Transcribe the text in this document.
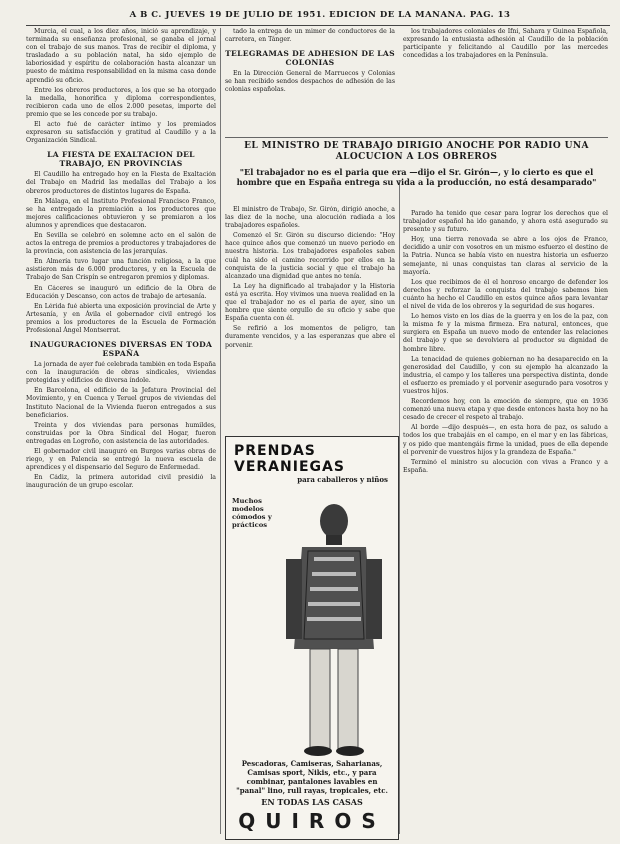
A B C. JUEVES 19 DE JULIO DE 1951. EDICION DE LA MAÑANA. PAG. 13

Murcia, el cual, a los diez años, inició su aprendizaje, y terminada su enseñanza profesional, se ganaba el jornal con el trabajo de sus manos. Tras de recibir el diploma, y trasladado a su población natal, ha sido ejemplo de laboriosidad y espíritu de colaboración hasta alcanzar un puesto de máxima responsabilidad en la misma casa donde aprendió su oficio.

Entre los obreros productores, a los que se ha otorgado la medalla, honorífica y diploma correspondientes, recibieron cada uno de ellos 2.000 pesetas, importe del premio que se les concede por su trabajo.

El acto fué de carácter íntimo y los premiados expresaron su satisfacción y gratitud al Caudillo y a la Organización Sindical.

LA FIESTA DE EXALTACION DEL TRABAJO, EN PROVINCIAS

El Caudillo ha entregado hoy en la Fiesta de Exaltación del Trabajo en Madrid las medallas del Trabajo a los obreros productores de distintos lugares de España.

En Málaga, en el Instituto Profesional Francisco Franco, se ha entregado la premiación a los productores que mejores calificaciones obtuvieron y se premiaron a los alumnos y aprendices que destacaron.

En Sevilla se celebró en solemne acto en el salón de actos la entrega de premios a productores y trabajadores de la provincia, con asistencia de las jerarquías.

En Almería tuvo lugar una función religiosa, a la que asistieron más de 6.000 productores, y en la Escuela de Trabajo de San Crispín se entregaron premios y diplomas.

En Cáceres se inauguró un edificio de la Obra de Educación y Descanso, con actos de trabajo de artesanía.

En Lérida fué abierta una exposición provincial de Arte y Artesanía, y en Ávila el gobernador civil entregó los premios a los productores de la Escuela de Formación Profesional Ángel Montserrat.

INAUGURACIONES DIVERSAS EN TODA ESPAÑA

La jornada de ayer fué celebrada también en toda España con la inauguración de obras sindicales, viviendas protegidas y edificios de diversa índole.

En Barcelona, el edificio de la Jefatura Provincial del Movimiento, y en Cuenca y Teruel grupos de viviendas del Instituto Nacional de la Vivienda fueron entregados a sus beneficiarios.

Treinta y dos viviendas para personas humildes, construidas por la Obra Sindical del Hogar, fueron entregadas en Logroño, con asistencia de las autoridades.

El gobernador civil inauguró en Burgos varias obras de riego, y en Palencia se entregó la nueva escuela de aprendices y el dispensario del Seguro de Enfermedad.

En Cádiz, la primera autoridad civil presidió la inauguración de un grupo escolar.

tado la entrega de un mimer de conductores de la carretera, en Tánger.

TELEGRAMAS DE ADHESION DE LAS COLONIAS

En la Dirección General de Marruecos y Colonias se han recibido sendos despachos de adhesión de las colonias españolas.

EL MINISTRO DE TRABAJO DIRIGIO ANOCHE POR RADIO UNA ALOCUCION A LOS OBREROS
"El trabajador no es el paria que era —dijo el Sr. Girón—, y lo cierto es que el hombre que en España entrega su vida a la producción, no está desamparado"

El ministro de Trabajo, Sr. Girón, dirigió anoche, a las diez de la noche, una alocución radiada a los trabajadores españoles.

Comenzó el Sr. Girón su discurso diciendo: "Hoy hace quince años que comenzó un nuevo periodo en nuestra historia. Los trabajadores españoles saben cuál ha sido el camino recorrido por ellos en la conquista de la justicia social y que el trabajo ha alcanzado una dignidad que antes no tenía.

La Ley ha dignificado al trabajador y la Historia está ya escrita. Hoy vivimos una nueva realidad en la que el trabajador no es el paria de ayer, sino un hombre que siente orgullo de su oficio y sabe que España cuenta con él.

Se refirió a los momentos de peligro, tan duramente vencidos, y a las esperanzas que abre el porvenir.

los trabajadores coloniales de Ifni, Sahara y Guinea Española, expresando la entusiasta adhesión al Caudillo de la población participante y felicitando al Caudillo por las mercedes concedidas a los trabajadores en la Península.

Parado ha tenido que cesar para lograr los derechos que el trabajador español ha ido ganando, y ahora está asegurado su presente y su futuro.

Hoy, una tierra renovada se abre a los ojos de Franco, decidido a unir con vosotros en un mismo esfuerzo el destino de la Patria. Nunca se había visto en nuestra historia un esfuerzo semejante, ni unas conquistas tan claras al servicio de la mayoría.

Los que recibimos de él el honroso encargo de defender los derechos y reforzar la conquista del trabajo sabemos bien cuánto ha hecho el Caudillo en estos quince años para levantar el nivel de vida de los obreros y la seguridad de sus hogares.

Lo hemos visto en los días de la guerra y en los de la paz, con la misma fe y la misma firmeza. Era natural, entonces, que surgiera en España un nuevo modo de entender las relaciones del trabajo y que se devolviera al productor su dignidad de hombre libre.

La tenacidad de quienes gobiernan no ha desaparecido en la generosidad del Caudillo, y con su ejemplo ha alcanzado la industria, el campo y los talleres una perspectiva distinta, donde el esfuerzo es premiado y el porvenir asegurado para vosotros y vuestros hijos.

Recordemos hoy, con la emoción de siempre, que en 1936 comenzó una nueva etapa y que desde entonces hasta hoy no ha cesado de crecer el respeto al trabajo.

Al borde —dijo después—, en esta hora de paz, os saludo a todos los que trabajáis en el campo, en el mar y en las fábricas, y os pido que mantengáis firme la unidad, pues de ella depende el porvenir de vuestros hijos y la grandeza de España."

Terminó el ministro su alocución con vivas a Franco y a España.

PRENDAS VERANIEGAS
para caballeros y niños
Muchos modelos cómodos y prácticos
Pescadoras, Camiseras, Saharianas, Camisas sport, Nikis, etc., y para combinar, pantalones lavables en "panal" lino, rull rayas, tropicales, etc.
EN TODAS LAS CASAS
QUIROS
